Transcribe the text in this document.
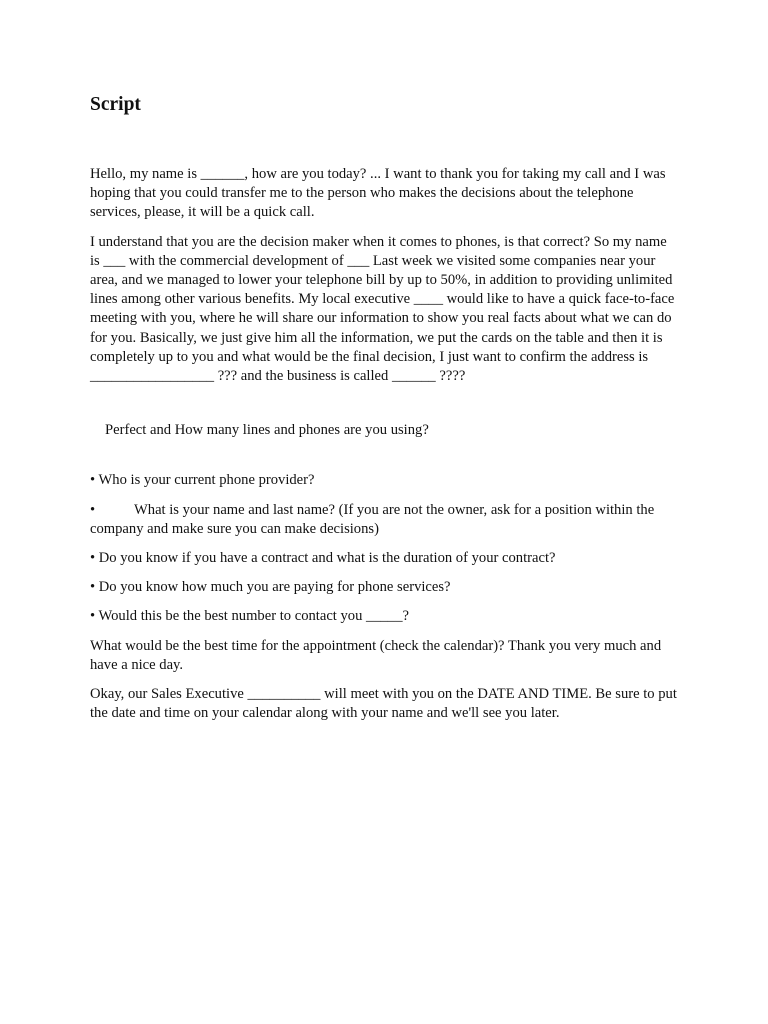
Script

Hello, my name is ______, how are you today? ... I want to thank you for taking my call and I was hoping that you could transfer me to the person who makes the decisions about the telephone services, please, it will be a quick call.

I understand that you are the decision maker when it comes to phones, is that correct? So my name is ___ with the commercial development of ___ Last week we visited some companies near your area, and we managed to lower your telephone bill by up to 50%, in addition to providing unlimited lines among other various benefits. My local executive ____ would like to have a quick face-to-face meeting with you, where he will share our information to show you real facts about what we can do for you. Basically, we just give him all the information, we put the cards on the table and then it is completely up to you and what would be the final decision, I just want to confirm the address is _________________ ??? and the business is called ______ ????

Perfect and How many lines and phones are you using?

• Who is your current phone provider?

•	What is your name and last name? (If you are not the owner, ask for a position within the company and make sure you can make decisions)

• Do you know if you have a contract and what is the duration of your contract?

• Do you know how much you are paying for phone services?

• Would this be the best number to contact you _____?

What would be the best time for the appointment (check the calendar)? Thank you very much and have a nice day.

Okay, our Sales Executive __________ will meet with you on the DATE AND TIME. Be sure to put the date and time on your calendar along with your name and we'll see you later.
